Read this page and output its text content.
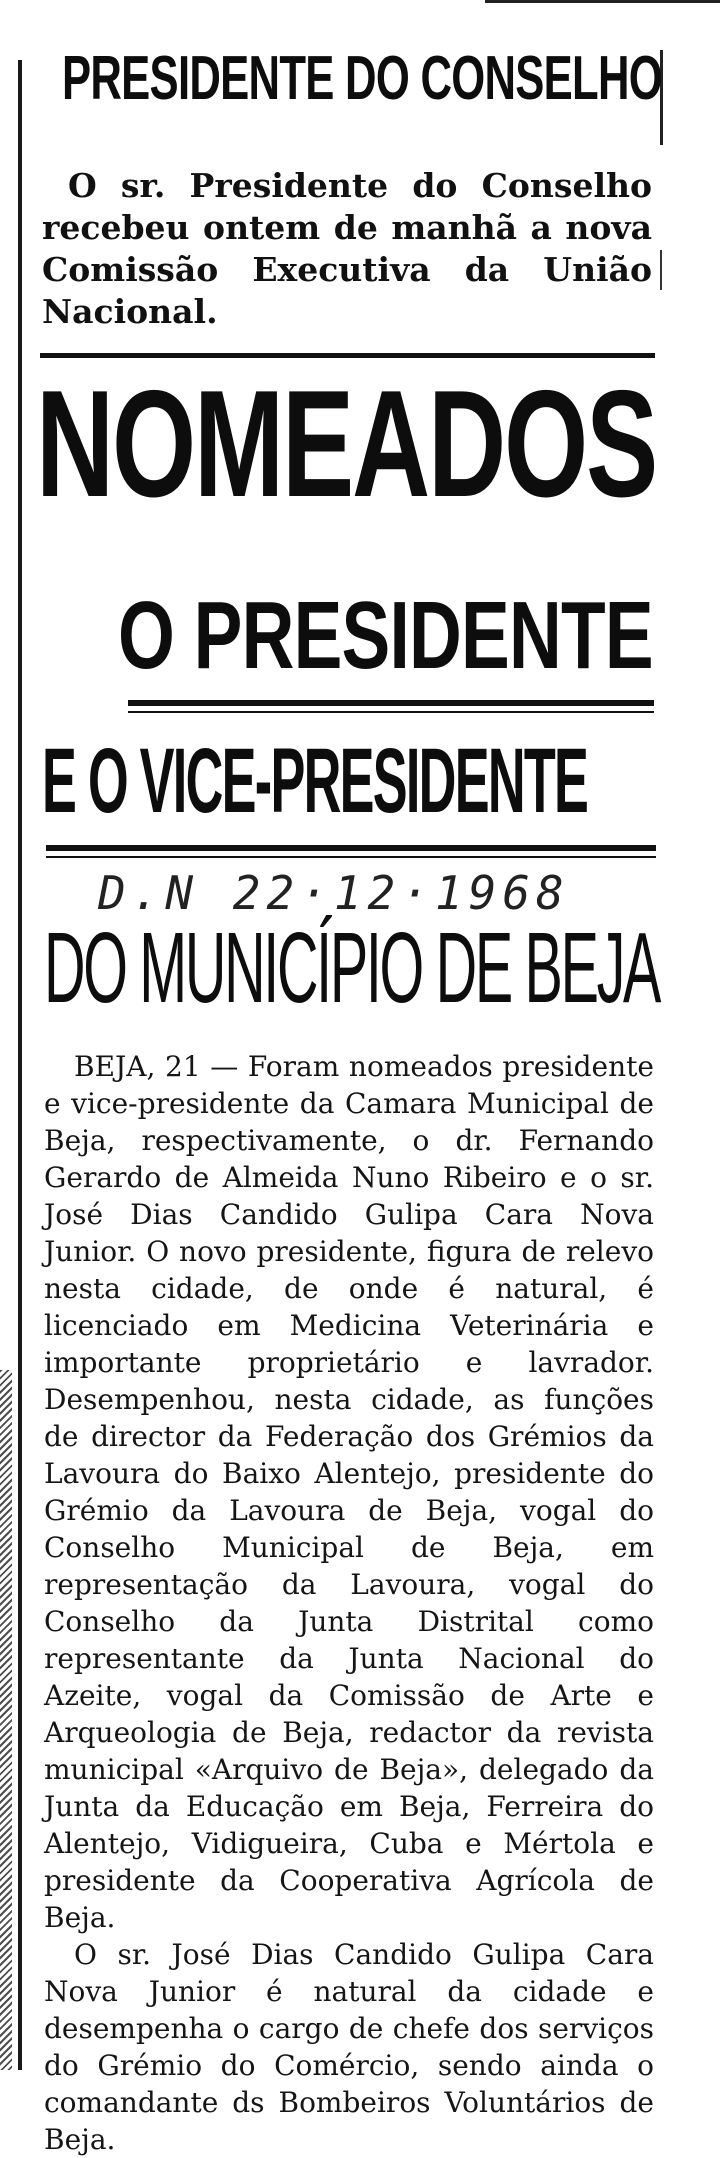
PRESIDENTE DO CONSELHO

O sr. Presidente do Conselho recebeu ontem de manhã a nova Comissão Executiva da União Nacional.

NOMEADOS
O PRESIDENTE
E O VICE-PRESIDENTE
D.N 22·12·1968
DO MUNICÍPIO DE BEJA

BEJA, 21 — Foram nomeados presidente e vice-presidente da Camara Municipal de Beja, respectivamente, o dr. Fernando Gerardo de Almeida Nuno Ribeiro e o sr. José Dias Candido Gulipa Cara Nova Junior. O novo presidente, figura de relevo nesta cidade, de onde é natural, é licenciado em Medicina Veterinária e importante proprietário e lavrador. Desempenhou, nesta cidade, as funções de director da Federação dos Grémios da Lavoura do Baixo Alentejo, presidente do Grémio da Lavoura de Beja, vogal do Conselho Municipal de Beja, em representação da Lavoura, vogal do Conselho da Junta Distrital como representante da Junta Nacional do Azeite, vogal da Comissão de Arte e Arqueologia de Beja, redactor da revista municipal «Arquivo de Beja», delegado da Junta da Educação em Beja, Ferreira do Alentejo, Vidigueira, Cuba e Mértola e presidente da Cooperativa Agrícola de Beja.

O sr. José Dias Candido Gulipa Cara Nova Junior é natural da cidade e desempenha o cargo de chefe dos serviços do Grémio do Comércio, sendo ainda o comandante ds Bombeiros Voluntários de Beja.
